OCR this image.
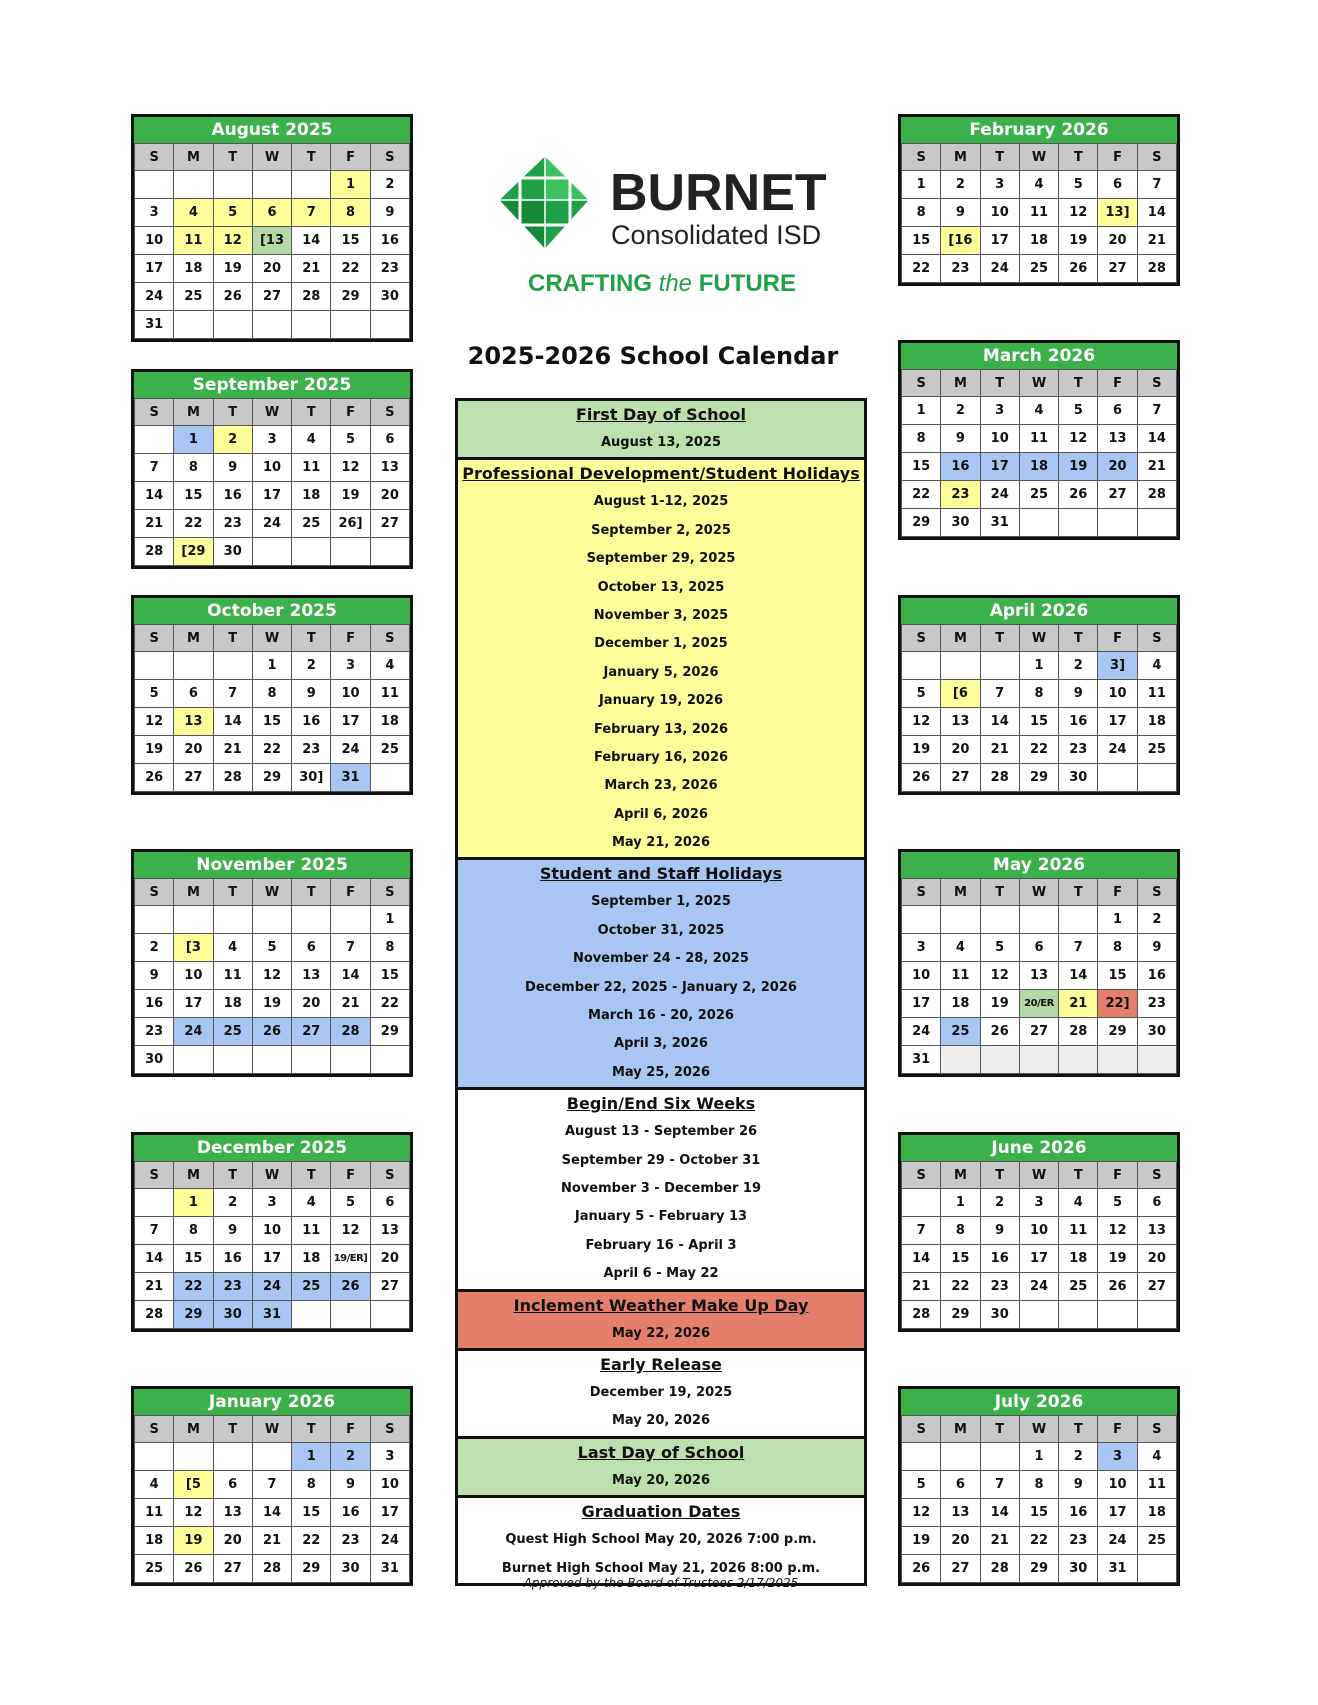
August 2025
S	M	T	W	T	F	S
					1	2
3	4	5	6	7	8	9
10	11	12	[13	14	15	16
17	18	19	20	21	22	23
24	25	26	27	28	29	30
31						
September 2025
S	M	T	W	T	F	S
	1	2	3	4	5	6
7	8	9	10	11	12	13
14	15	16	17	18	19	20
21	22	23	24	25	26]	27
28	[29	30				
October 2025
S	M	T	W	T	F	S
			1	2	3	4
5	6	7	8	9	10	11
12	13	14	15	16	17	18
19	20	21	22	23	24	25
26	27	28	29	30]	31	
November 2025
S	M	T	W	T	F	S
						1
2	[3	4	5	6	7	8
9	10	11	12	13	14	15
16	17	18	19	20	21	22
23	24	25	26	27	28	29
30						
December 2025
S	M	T	W	T	F	S
	1	2	3	4	5	6
7	8	9	10	11	12	13
14	15	16	17	18	19/ER]	20
21	22	23	24	25	26	27
28	29	30	31			
January 2026
S	M	T	W	T	F	S
				1	2	3
4	[5	6	7	8	9	10
11	12	13	14	15	16	17
18	19	20	21	22	23	24
25	26	27	28	29	30	31
February 2026
S	M	T	W	T	F	S
1	2	3	4	5	6	7
8	9	10	11	12	13]	14
15	[16	17	18	19	20	21
22	23	24	25	26	27	28
March 2026
S	M	T	W	T	F	S
1	2	3	4	5	6	7
8	9	10	11	12	13	14
15	16	17	18	19	20	21
22	23	24	25	26	27	28
29	30	31				
April 2026
S	M	T	W	T	F	S
			1	2	3]	4
5	[6	7	8	9	10	11
12	13	14	15	16	17	18
19	20	21	22	23	24	25
26	27	28	29	30		
May 2026
S	M	T	W	T	F	S
					1	2
3	4	5	6	7	8	9
10	11	12	13	14	15	16
17	18	19	20/ER	21	22]	23
24	25	26	27	28	29	30
31						
June 2026
S	M	T	W	T	F	S
	1	2	3	4	5	6
7	8	9	10	11	12	13
14	15	16	17	18	19	20
21	22	23	24	25	26	27
28	29	30				
July 2026
S	M	T	W	T	F	S
			1	2	3	4
5	6	7	8	9	10	11
12	13	14	15	16	17	18
19	20	21	22	23	24	25
26	27	28	29	30	31	
BURNET
Consolidated ISD
CRAFTING the FUTURE
2025-2026 School Calendar
First Day of School
August 13, 2025
Professional Development/Student Holidays
August 1-12, 2025
September 2, 2025
September 29, 2025
October 13, 2025
November 3, 2025
December 1, 2025
January 5, 2026
January 19, 2026
February 13, 2026
February 16, 2026
March 23, 2026
April 6, 2026
May 21, 2026
Student and Staff Holidays
September 1, 2025
October 31, 2025
November 24 - 28, 2025
December 22, 2025 - January 2, 2026
March 16 - 20, 2026
April 3, 2026
May 25, 2026
Begin/End Six Weeks
August 13 - September 26
September 29 - October 31
November 3 - December 19
January 5 - February 13
February 16 - April 3
April 6 - May 22
Inclement Weather Make Up Day
May 22, 2026
Early Release
December 19, 2025
May 20, 2026
Last Day of School
May 20, 2026
Graduation Dates
Quest High School May 20, 2026 7:00 p.m.
Burnet High School May 21, 2026 8:00 p.m.
Approved by the Board of Trustees 2/17/2025
